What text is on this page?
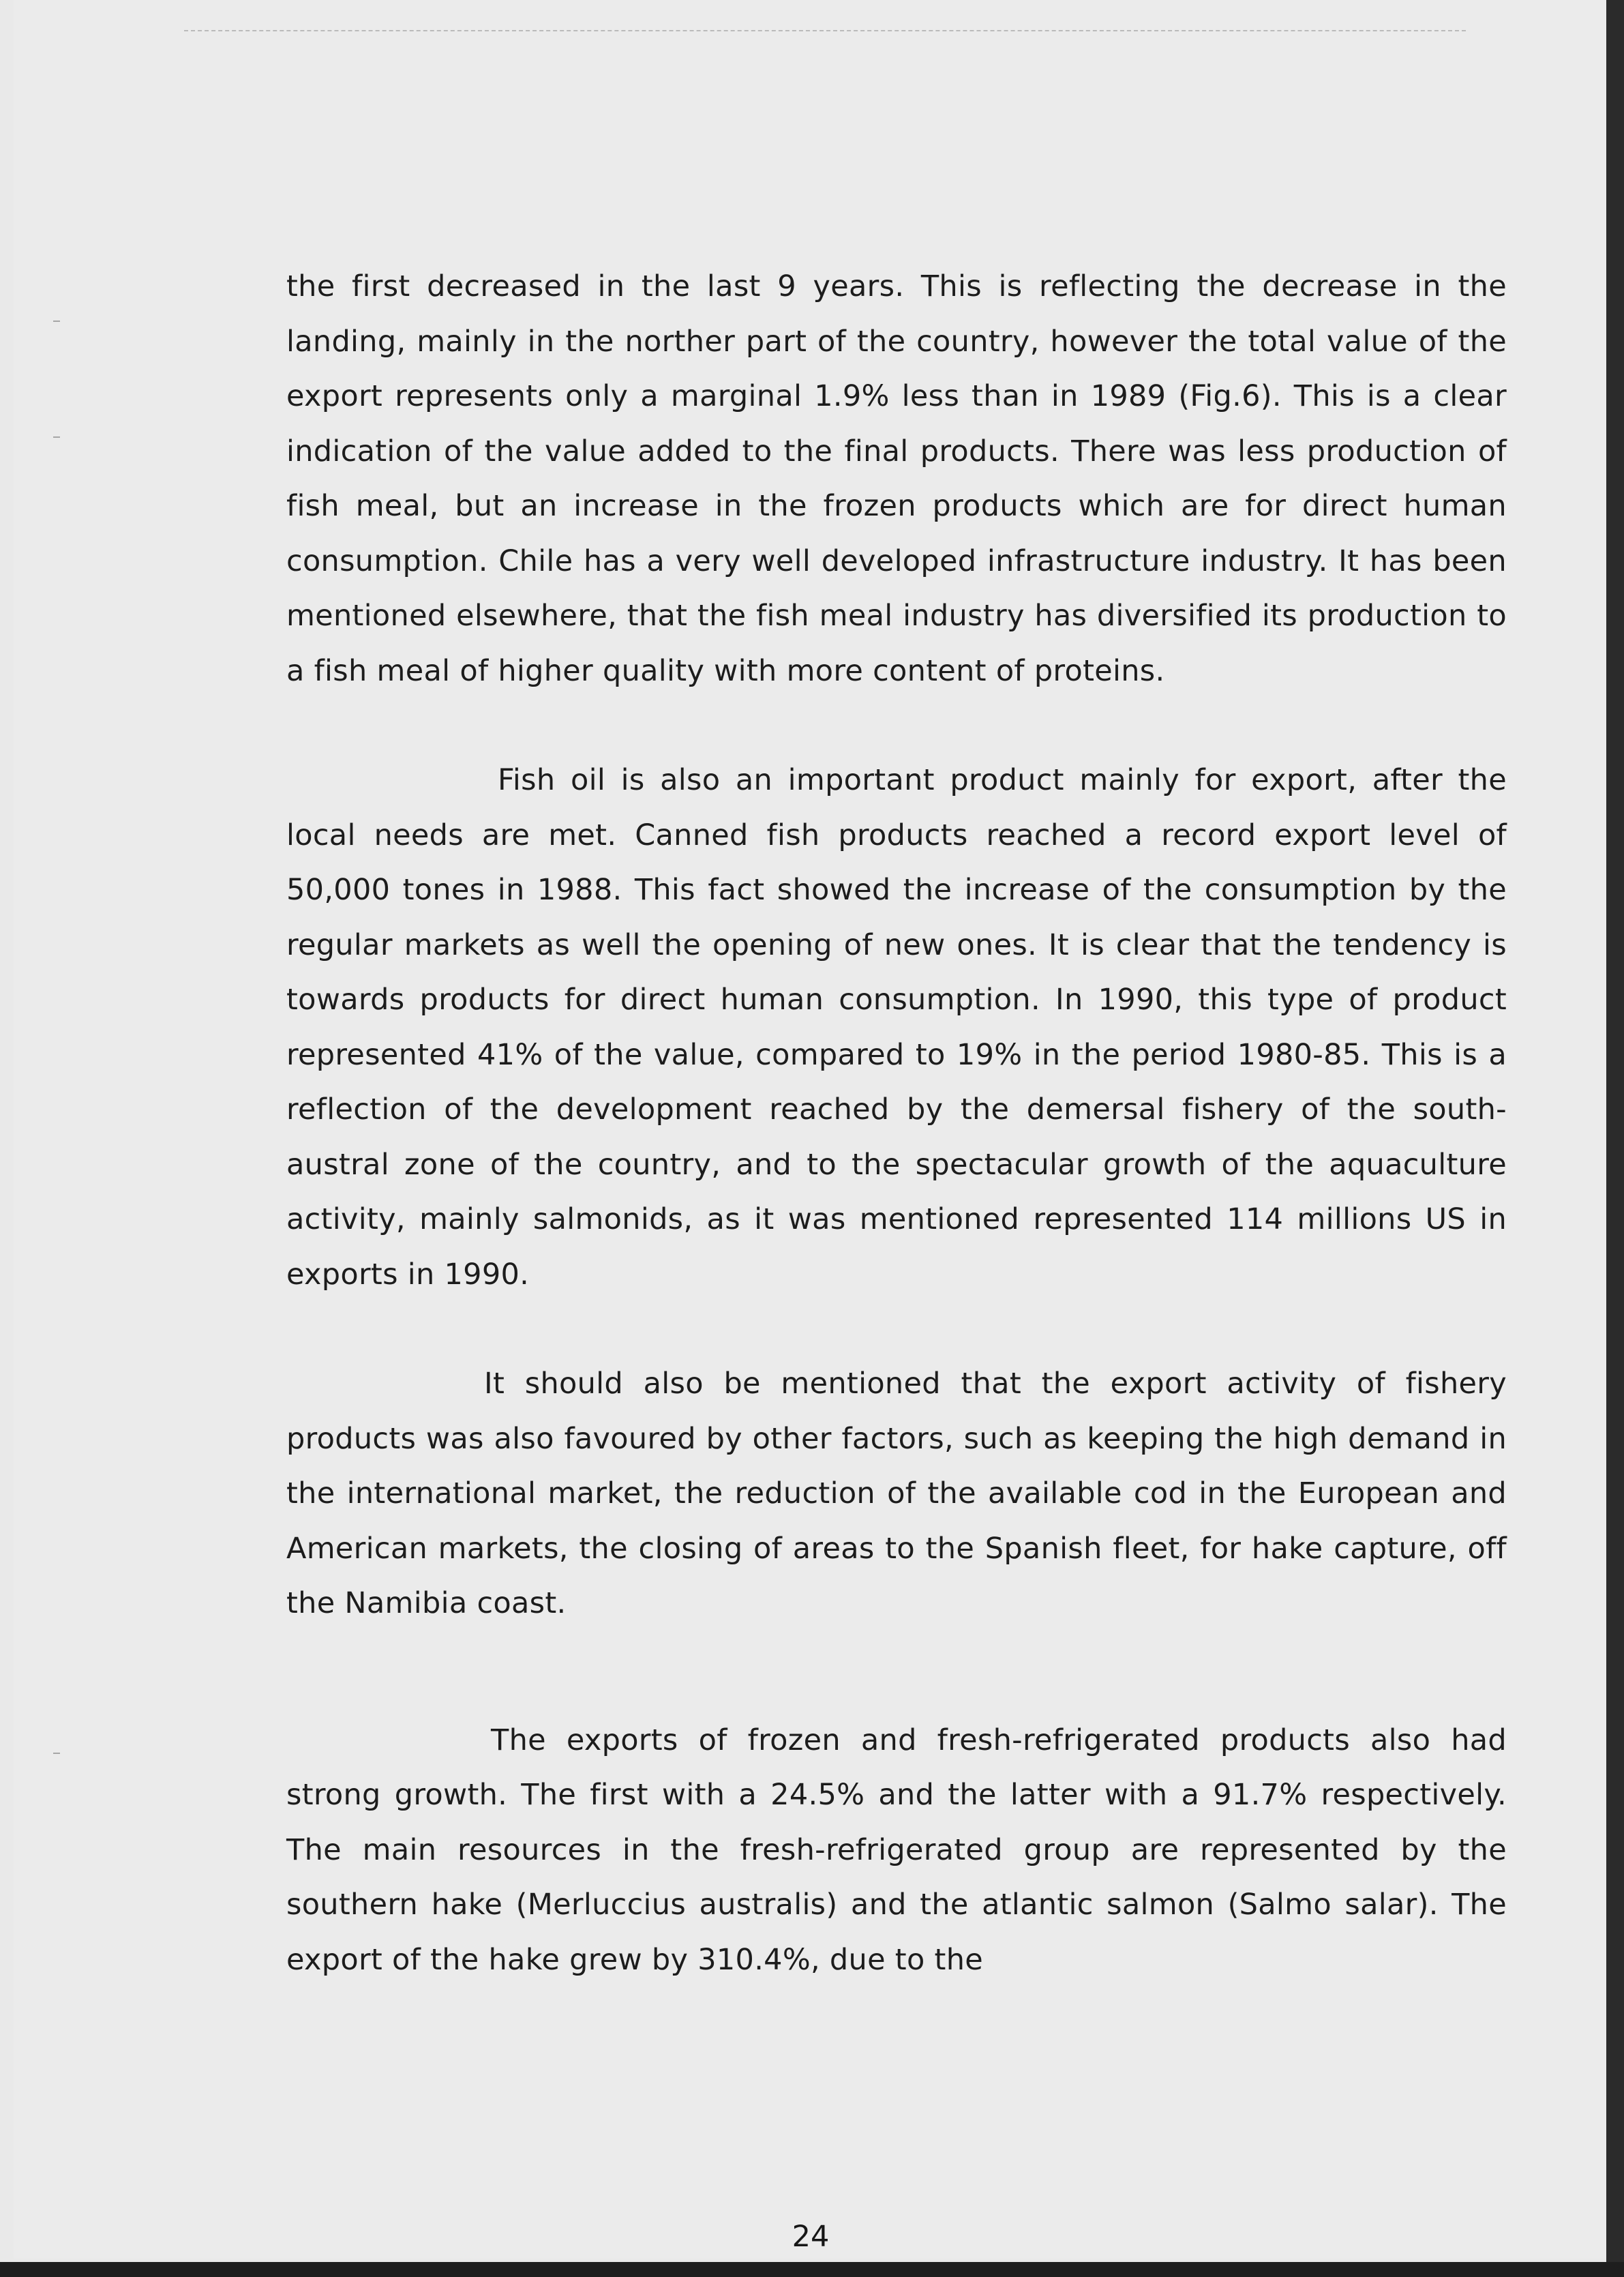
the first decreased in the last 9 years. This is reflecting the decrease in the landing, mainly in the norther part of the country, however the total value of the export represents only a marginal 1.9% less than in 1989 (Fig.6). This is a clear indication of the value added to the final products. There was less production of fish meal, but an increase in the frozen products which are for direct human consumption. Chile has a very well developed infrastructure industry. It has been mentioned elsewhere, that the fish meal industry has diversified its production to a fish meal of higher quality with more content of proteins.

Fish oil is also an important product mainly for export, after the local needs are met. Canned fish products reached a record export level of 50,000 tones in 1988. This fact showed the increase of the consumption by the regular markets as well the opening of new ones. It is clear that the tendency is towards products for direct human consumption. In 1990, this type of product represented 41% of the value, compared to 19% in the period 1980-85. This is a reflection of the development reached by the demersal fishery of the south-austral zone of the country, and to the spectacular growth of the aquaculture activity, mainly salmonids, as it was mentioned represented 114 millions US in exports in 1990.

It should also be mentioned that the export activity of fishery products was also favoured by other factors, such as keeping the high demand in the international market, the reduction of the available cod in the European and American markets, the closing of areas to the Spanish fleet, for hake capture, off the Namibia coast.

The exports of frozen and fresh-refrigerated products also had strong growth. The first with a 24.5% and the latter with a 91.7% respectively. The main resources in the fresh-refrigerated group are represented by the southern hake (Merluccius australis) and the atlantic salmon (Salmo salar). The export of the hake grew by 310.4%, due to the

24
